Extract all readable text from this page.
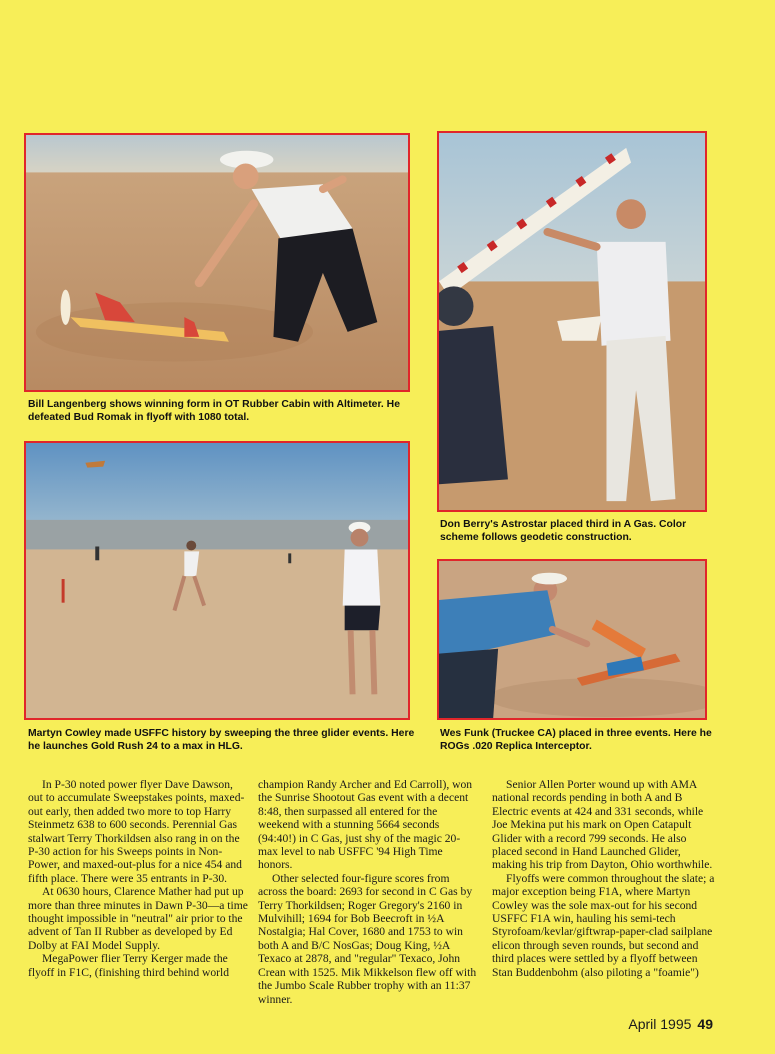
Bill Langenberg shows winning form in OT Rubber Cabin with Altimeter. He defeated Bud Romak in flyoff with 1080 total.
Don Berry's Astrostar placed third in A Gas. Color scheme follows geodetic construction.
Martyn Cowley made USFFC history by sweeping the three glider events. Here he launches Gold Rush 24 to a max in HLG.
Wes Funk (Truckee CA) placed in three events. Here he ROGs .020 Replica Interceptor.

In P-30 noted power flyer Dave Dawson, out to accumulate Sweepstakes points, maxed-out early, then added two more to top Harry Steinmetz 638 to 600 seconds. Perennial Gas stalwart Terry Thorkildsen also rang in on the P-30 action for his Sweeps points in Non-Power, and maxed-out-plus for a nice 454 and fifth place. There were 35 entrants in P-30.

At 0630 hours, Clarence Mather had put up more than three minutes in Dawn P-30—a time thought impossible in "neutral" air prior to the advent of Tan II Rubber as developed by Ed Dolby at FAI Model Supply.

MegaPower flier Terry Kerger made the flyoff in F1C, (finishing third behind world

champion Randy Archer and Ed Carroll), won the Sunrise Shootout Gas event with a decent 8:48, then surpassed all entered for the weekend with a stunning 5664 seconds (94:40!) in C Gas, just shy of the magic 20-max level to nab USFFC '94 High Time honors.

Other selected four-figure scores from across the board: 2693 for second in C Gas by Terry Thorkildsen; Roger Gregory's 2160 in Mulvihill; 1694 for Bob Beecroft in ½A Nostalgia; Hal Cover, 1680 and 1753 to win both A and B/C NosGas; Doug King, ½A Texaco at 2878, and "regular" Texaco, John Crean with 1525. Mik Mikkelson flew off with the Jumbo Scale Rubber trophy with an 11:37 winner.

Senior Allen Porter wound up with AMA national records pending in both A and B Electric events at 424 and 331 seconds, while Joe Mekina put his mark on Open Catapult Glider with a record 799 seconds. He also placed second in Hand Launched Glider, making his trip from Dayton, Ohio worthwhile.

Flyoffs were common throughout the slate; a major exception being F1A, where Martyn Cowley was the sole max-out for his second USFFC F1A win, hauling his semi-tech Styrofoam/kevlar/giftwrap-paper-clad sailplane elicon through seven rounds, but second and third places were settled by a flyoff between Stan Buddenbohm (also piloting a "foamie")

April 1995 49
